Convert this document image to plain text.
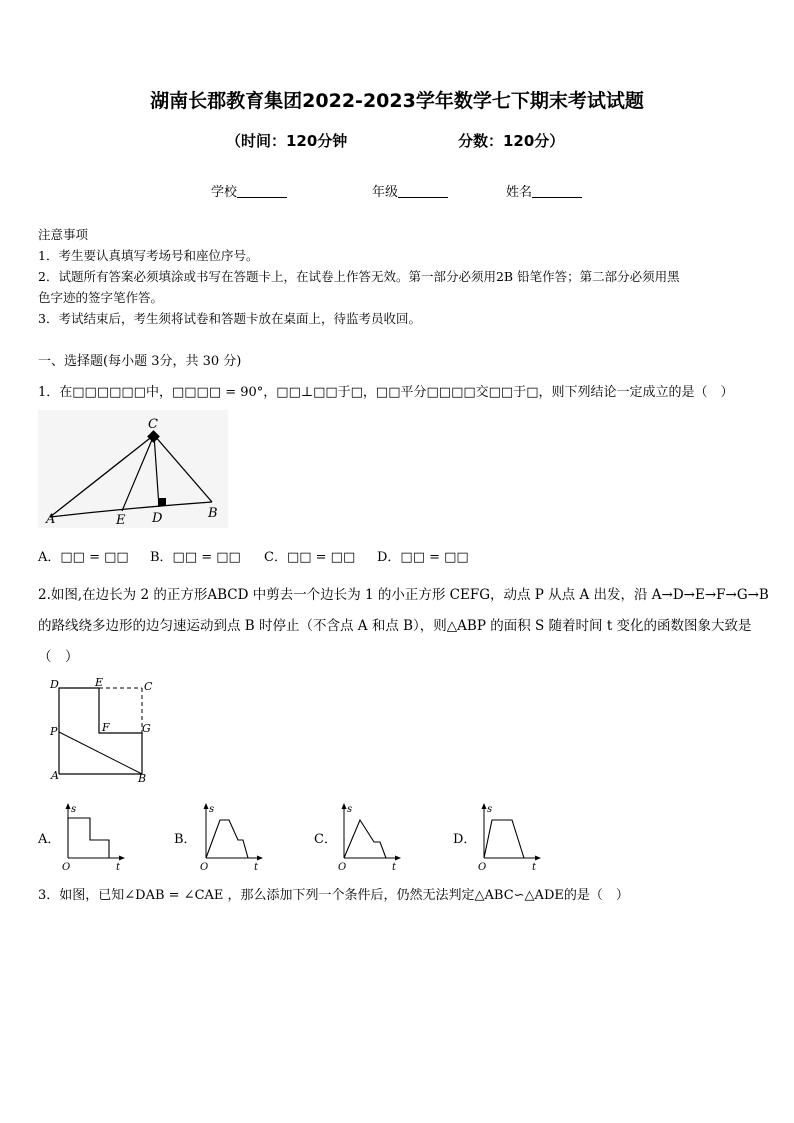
湖南长郡教育集团2022-2023学年数学七下期末考试试题
（时间：120分钟	分数：120分）
学校	年级	姓名
注意事项
1．考生要认真填写考场号和座位序号。
2．试题所有答案必须填涂或书写在答题卡上，在试卷上作答无效。第一部分必须用2B 铅笔作答；第二部分必须用黑
色字迹的签字笔作答。
3．考试结束后，考生须将试卷和答题卡放在桌面上，待监考员收回。
一、选择题(每小题 3分，共 30 分)
1．在□□□□□□中，□□□□ = 90°，□□⊥□□于□，□□平分□□□□交□□于□，则下列结论一定成立的是（　）
C
A	E D	B
A．□□ = □□ B．□□ = □□ C．□□ = □□ D．□□ = □□
2.如图,在边长为 2 的正方形ABCD 中剪去一个边长为 1 的小正方形 CEFG，动点 P 从点 A 出发，沿 A→D→E→F→G→B
的路线绕多边形的边匀速运动到点 B 时停止（不含点 A 和点 B），则△ABP 的面积 S 随着时间 t 变化的函数图象大致是
（　）
D	E	C
F	G
P
A	B
A．
s
O	t
B．
s
O	t
C．
s
O	t
D．
s
O	t
3．如图，已知∠DAB = ∠CAE ，那么添加下列一个条件后，仍然无法判定△ABC∽△ADE的是（　）
